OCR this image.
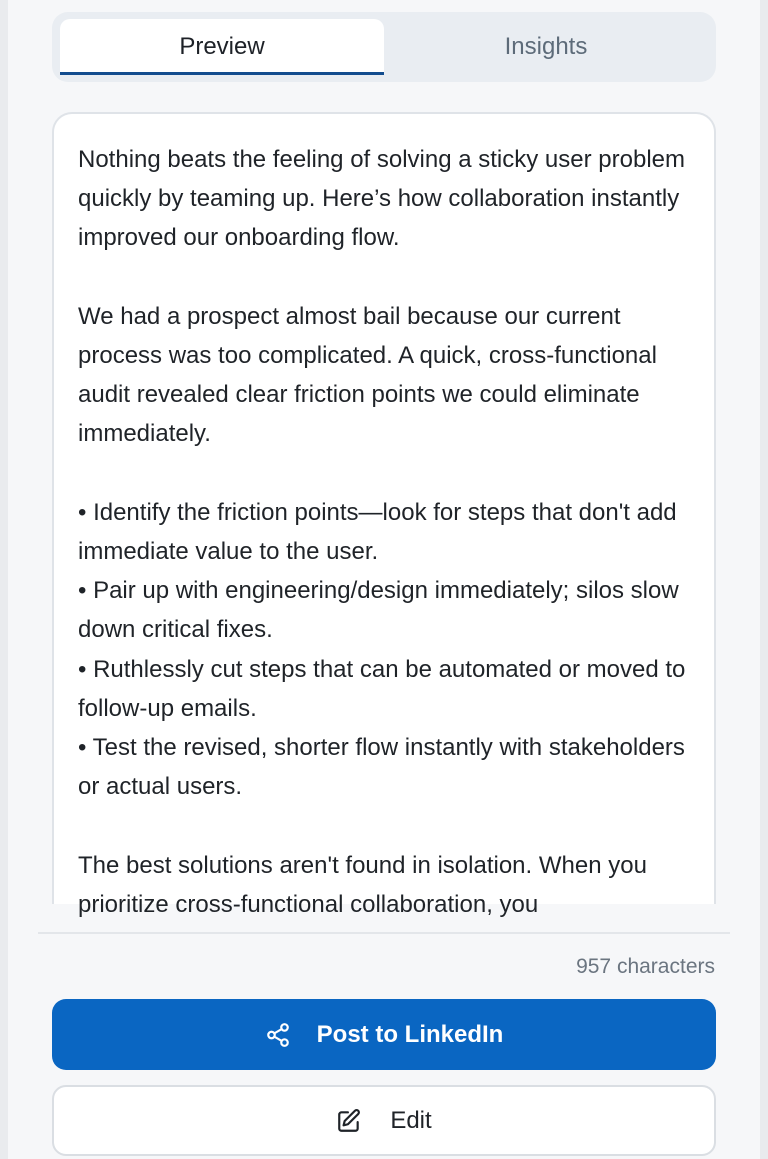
Preview	Insights

Nothing beats the feeling of solving a sticky user problem quickly by teaming up. Here’s how collaboration instantly improved our onboarding flow.

We had a prospect almost bail because our current process was too complicated. A quick, cross-functional audit revealed clear friction points we could eliminate immediately.

• Identify the friction points—look for steps that don't add immediate value to the user.
• Pair up with engineering/design immediately; silos slow down critical fixes.
• Ruthlessly cut steps that can be automated or moved to follow-up emails.
• Test the revised, shorter flow instantly with stakeholders or actual users.

The best solutions aren't found in isolation. When you prioritize cross-functional collaboration, you

957 characters
Post to LinkedIn
Edit
